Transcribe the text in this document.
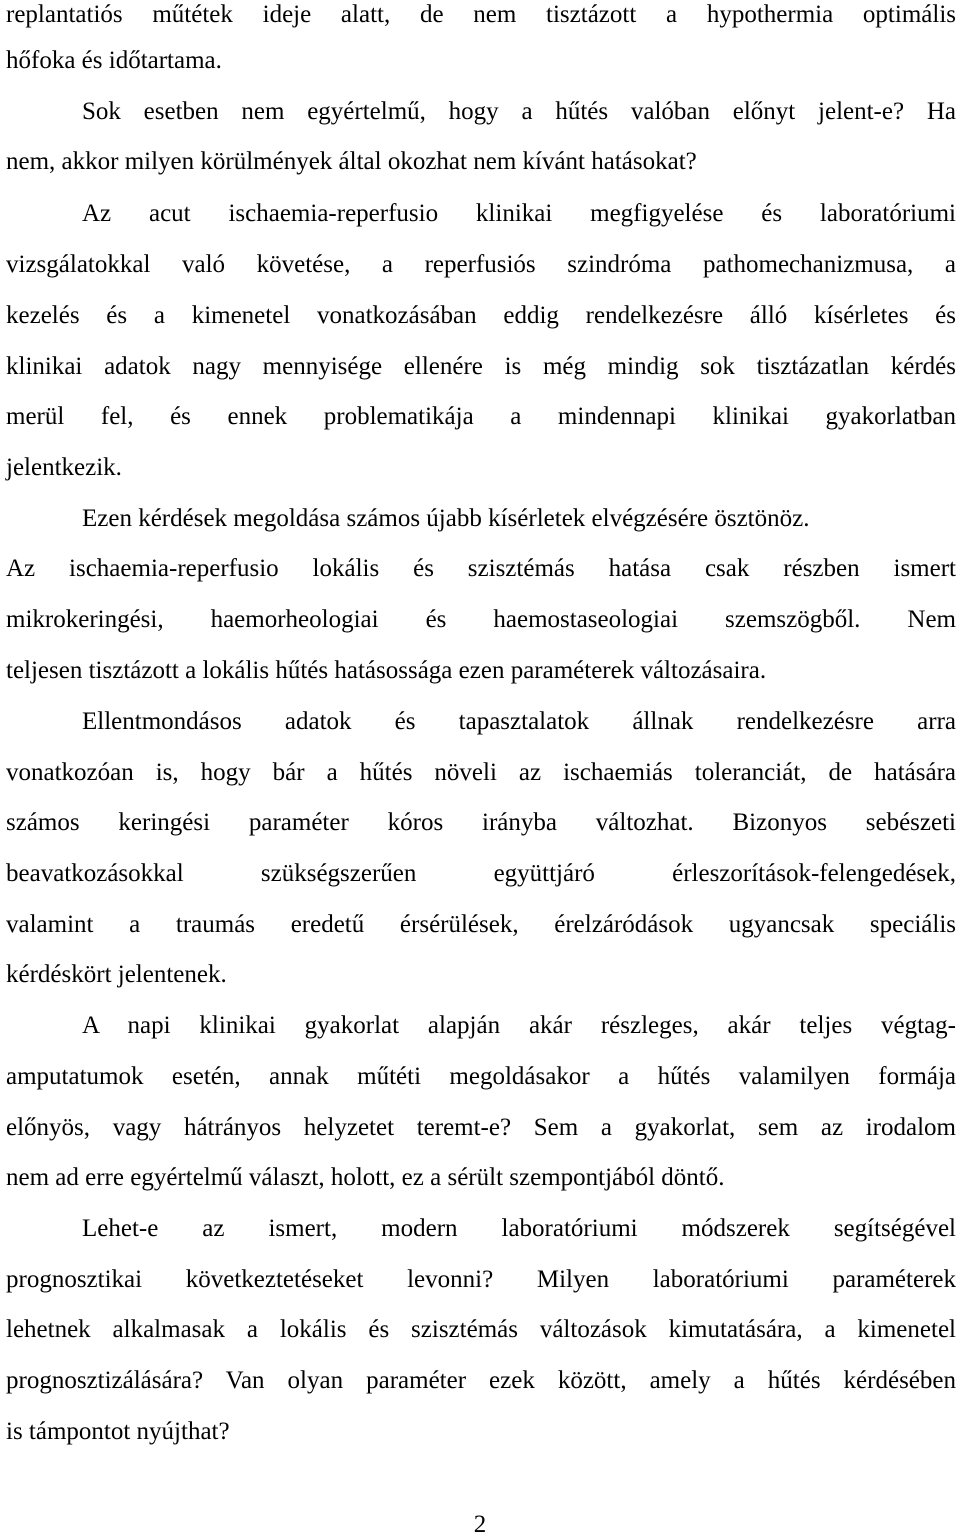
replantatiós műtétek ideje alatt, de nem tisztázott a hypothermia optimális
hőfoka és időtartama.
Sok esetben nem egyértelmű, hogy a hűtés valóban előnyt jelent-e? Ha
nem, akkor milyen körülmények által okozhat nem kívánt hatásokat?
Az acut ischaemia-reperfusio klinikai megfigyelése és laboratóriumi
vizsgálatokkal való követése, a reperfusiós szindróma pathomechanizmusa, a
kezelés és a kimenetel vonatkozásában eddig rendelkezésre álló kísérletes és
klinikai adatok nagy mennyisége ellenére is még mindig sok tisztázatlan kérdés
merül fel, és ennek problematikája a mindennapi klinikai gyakorlatban
jelentkezik.
Ezen kérdések megoldása számos újabb kísérletek elvégzésére ösztönöz.
Az ischaemia-reperfusio lokális és szisztémás hatása csak részben ismert
mikrokeringési, haemorheologiai és haemostaseologiai szemszögből. Nem
teljesen tisztázott a lokális hűtés hatásossága ezen paraméterek változásaira.
Ellentmondásos adatok és tapasztalatok állnak rendelkezésre arra
vonatkozóan is, hogy bár a hűtés növeli az ischaemiás toleranciát, de hatására
számos keringési paraméter kóros irányba változhat. Bizonyos sebészeti
beavatkozásokkal szükségszerűen együttjáró érleszorítások-felengedések,
valamint a traumás eredetű érsérülések, érelzáródások ugyancsak speciális
kérdéskört jelentenek.
A napi klinikai gyakorlat alapján akár részleges, akár teljes végtag-
amputatumok esetén, annak műtéti megoldásakor a hűtés valamilyen formája
előnyös, vagy hátrányos helyzetet teremt-e? Sem a gyakorlat, sem az irodalom
nem ad erre egyértelmű választ, holott, ez a sérült szempontjából döntő.
Lehet-e az ismert, modern laboratóriumi módszerek segítségével
prognosztikai következtetéseket levonni? Milyen laboratóriumi paraméterek
lehetnek alkalmasak a lokális és szisztémás változások kimutatására, a kimenetel
prognosztizálására? Van olyan paraméter ezek között, amely a hűtés kérdésében
is támpontot nyújthat?
2
